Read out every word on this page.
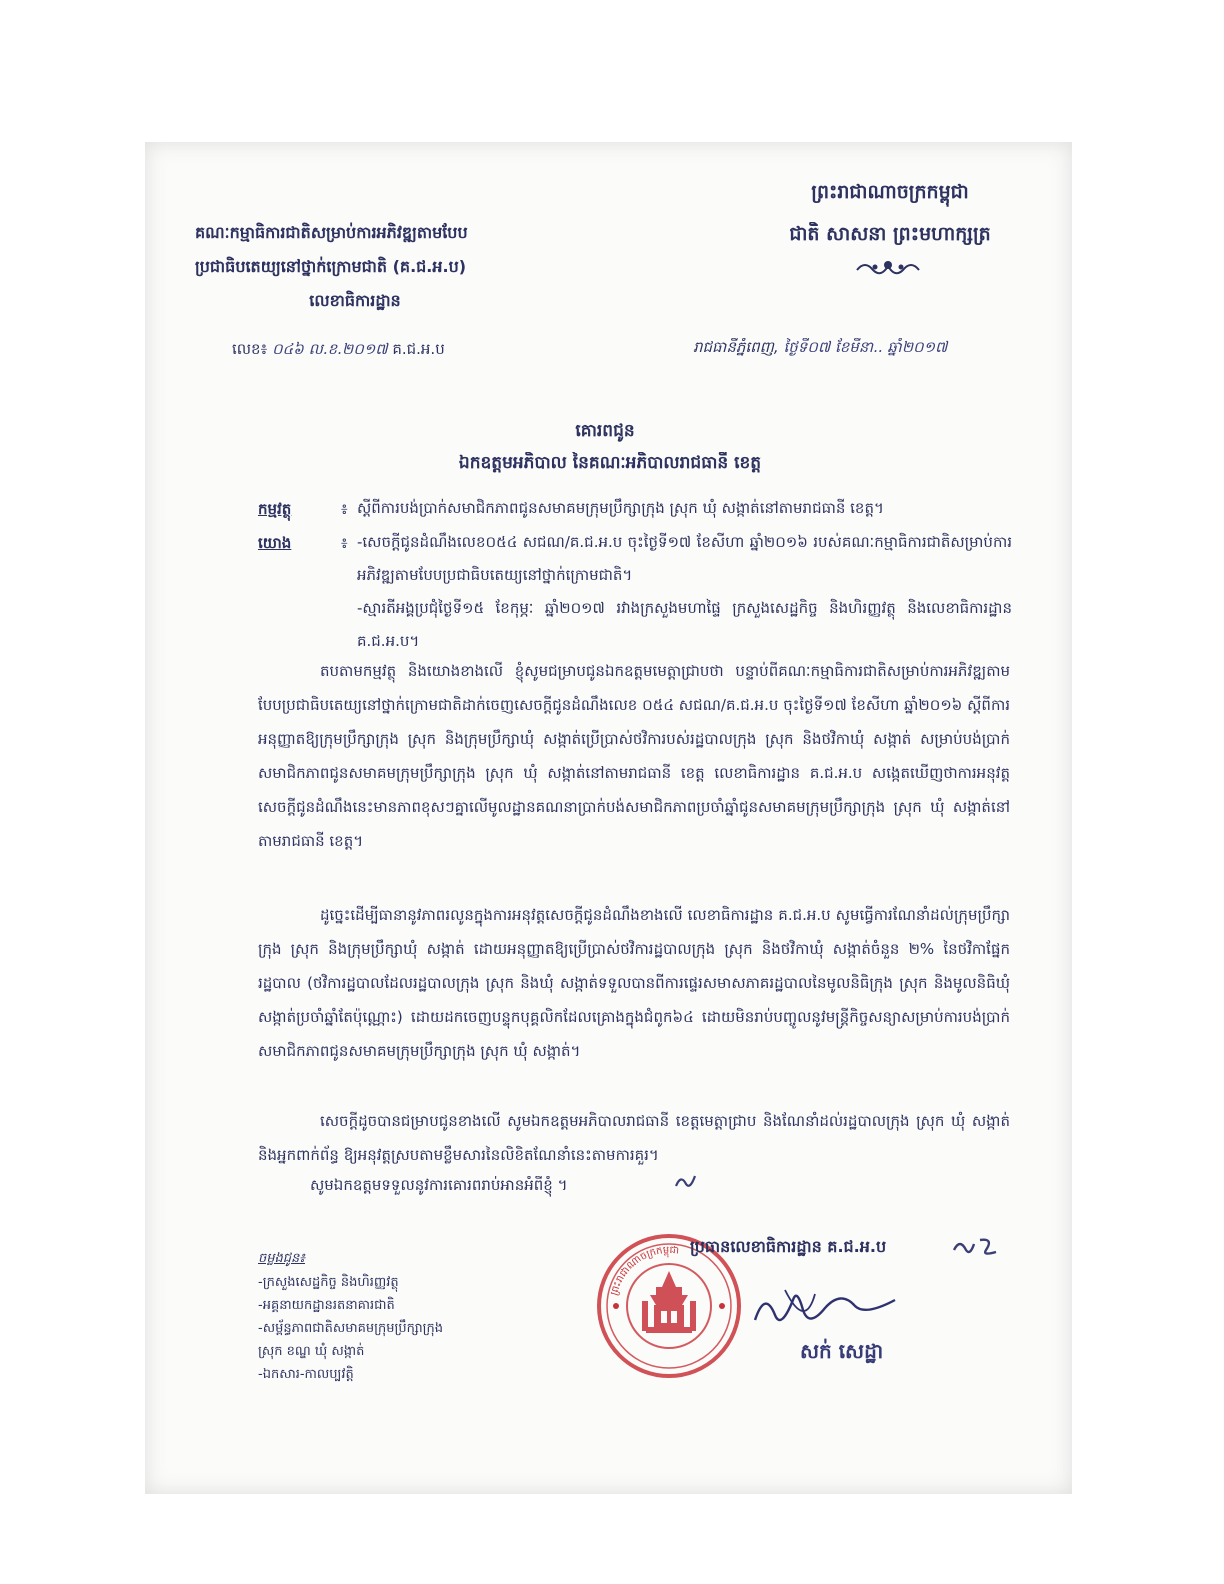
ព្រះរាជាណាចក្រកម្ពុជា
ជាតិ សាសនា ព្រះមហាក្សត្រ
គណៈកម្មាធិការជាតិសម្រាប់ការអភិវឌ្ឍតាមបែប
ប្រជាធិបតេយ្យនៅថ្នាក់ក្រោមជាតិ (គ.ជ.អ.ប)
លេខាធិការដ្ឋាន
លេខ៖ ០៤៦ ល.ខ.២០១៧ គ.ជ.អ.ប	រាជធានីភ្នំពេញ, ថ្ងៃទី០៧ ខែមីនា.. ឆ្នាំ២០១៧
គោរពជូន
ឯកឧត្តមអភិបាល នៃគណៈអភិបាលរាជធានី ខេត្ត
កម្មវត្ថុ	៖ ស្តីពីការបង់ប្រាក់សមាជិកភាពជូនសមាគមក្រុមប្រឹក្សាក្រុង ស្រុក ឃុំ សង្កាត់នៅតាមរាជធានី ខេត្ត។
យោង	៖ -សេចក្តីជូនដំណឹងលេខ០៥៤ សជណ/គ.ជ.អ.ប ចុះថ្ងៃទី១៧ ខែសីហា ឆ្នាំ២០១៦ របស់គណៈកម្មាធិការជាតិសម្រាប់ការអភិវឌ្ឍតាមបែបប្រជាធិបតេយ្យនៅថ្នាក់ក្រោមជាតិ។
-ស្មារតីអង្គប្រជុំថ្ងៃទី១៥ ខែកុម្ភៈ ឆ្នាំ២០១៧ រវាងក្រសួងមហាផ្ទៃ ក្រសួងសេដ្ឋកិច្ច និងហិរញ្ញវត្ថុ និងលេខាធិការដ្ឋាន គ.ជ.អ.ប។
តបតាមកម្មវត្ថុ និងយោងខាងលើ ខ្ញុំសូមជម្រាបជូនឯកឧត្តមមេត្តាជ្រាបថា បន្ទាប់ពីគណៈកម្មាធិការជាតិសម្រាប់ការអភិវឌ្ឍតាមបែបប្រជាធិបតេយ្យនៅថ្នាក់ក្រោមជាតិដាក់ចេញសេចក្តីជូនដំណឹងលេខ ០៥៤ សជណ/គ.ជ.អ.ប ចុះថ្ងៃទី១៧ ខែសីហា ឆ្នាំ២០១៦ ស្តីពីការអនុញ្ញាតឱ្យក្រុមប្រឹក្សាក្រុង ស្រុក និងក្រុមប្រឹក្សាឃុំ សង្កាត់ប្រើប្រាស់ថវិការបស់រដ្ឋបាលក្រុង ស្រុក និងថវិកាឃុំ សង្កាត់ សម្រាប់បង់ប្រាក់សមាជិកភាពជូនសមាគមក្រុមប្រឹក្សាក្រុង ស្រុក ឃុំ សង្កាត់នៅតាមរាជធានី ខេត្ត លេខាធិការដ្ឋាន គ.ជ.អ.ប សង្កេតឃើញថាការអនុវត្តសេចក្តីជូនដំណឹងនេះមានភាពខុសៗគ្នាលើមូលដ្ឋានគណនាប្រាក់បង់សមាជិកភាពប្រចាំឆ្នាំជូនសមាគមក្រុមប្រឹក្សាក្រុង ស្រុក ឃុំ សង្កាត់នៅតាមរាជធានី ខេត្ត។
ដូច្នេះដើម្បីធានានូវភាពរលូនក្នុងការអនុវត្តសេចក្តីជូនដំណឹងខាងលើ លេខាធិការដ្ឋាន គ.ជ.អ.ប សូមធ្វើការណែនាំដល់ក្រុមប្រឹក្សាក្រុង ស្រុក និងក្រុមប្រឹក្សាឃុំ សង្កាត់ ដោយអនុញ្ញាតឱ្យប្រើប្រាស់ថវិការដ្ឋបាលក្រុង ស្រុក និងថវិកាឃុំ សង្កាត់ចំនួន ២% នៃថវិកាផ្នែករដ្ឋបាល (ថវិការដ្ឋបាលដែលរដ្ឋបាលក្រុង ស្រុក និងឃុំ សង្កាត់ទទួលបានពីការផ្ទេរសមាសភាគរដ្ឋបាលនៃមូលនិធិក្រុង ស្រុក និងមូលនិធិឃុំ សង្កាត់ប្រចាំឆ្នាំតែប៉ុណ្ណោះ) ដោយដកចេញបន្ទុកបុគ្គលិកដែលគ្រោងក្នុងជំពូក៦៤ ដោយមិនរាប់បញ្ចូលនូវមន្ត្រីកិច្ចសន្យាសម្រាប់ការបង់ប្រាក់សមាជិកភាពជូនសមាគមក្រុមប្រឹក្សាក្រុង ស្រុក ឃុំ សង្កាត់។
សេចក្តីដូចបានជម្រាបជូនខាងលើ សូមឯកឧត្តមអភិបាលរាជធានី ខេត្តមេត្តាជ្រាប និងណែនាំដល់រដ្ឋបាលក្រុង ស្រុក ឃុំ សង្កាត់ និងអ្នកពាក់ព័ន្ធ ឱ្យអនុវត្តស្របតាមខ្លឹមសារនៃលិខិតណែនាំនេះតាមការគួរ។
សូមឯកឧត្តមទទួលនូវការគោរពរាប់អានអំពីខ្ញុំ ។
ព្រះរាជាណាចក្រកម្ពុជា ប្រធានលេខាធិការដ្ឋាន គ.ជ.អ.ប
សក់ សេដ្ឋា
ចម្លងជូន៖
-ក្រសួងសេដ្ឋកិច្ច និងហិរញ្ញវត្ថុ
-អគ្គនាយកដ្ឋានរតនាគារជាតិ
-សម្ព័ន្ធភាពជាតិសមាគមក្រុមប្រឹក្សាក្រុង
ស្រុក ខណ្ឌ ឃុំ សង្កាត់
-ឯកសារ-កាលប្បវត្តិ
